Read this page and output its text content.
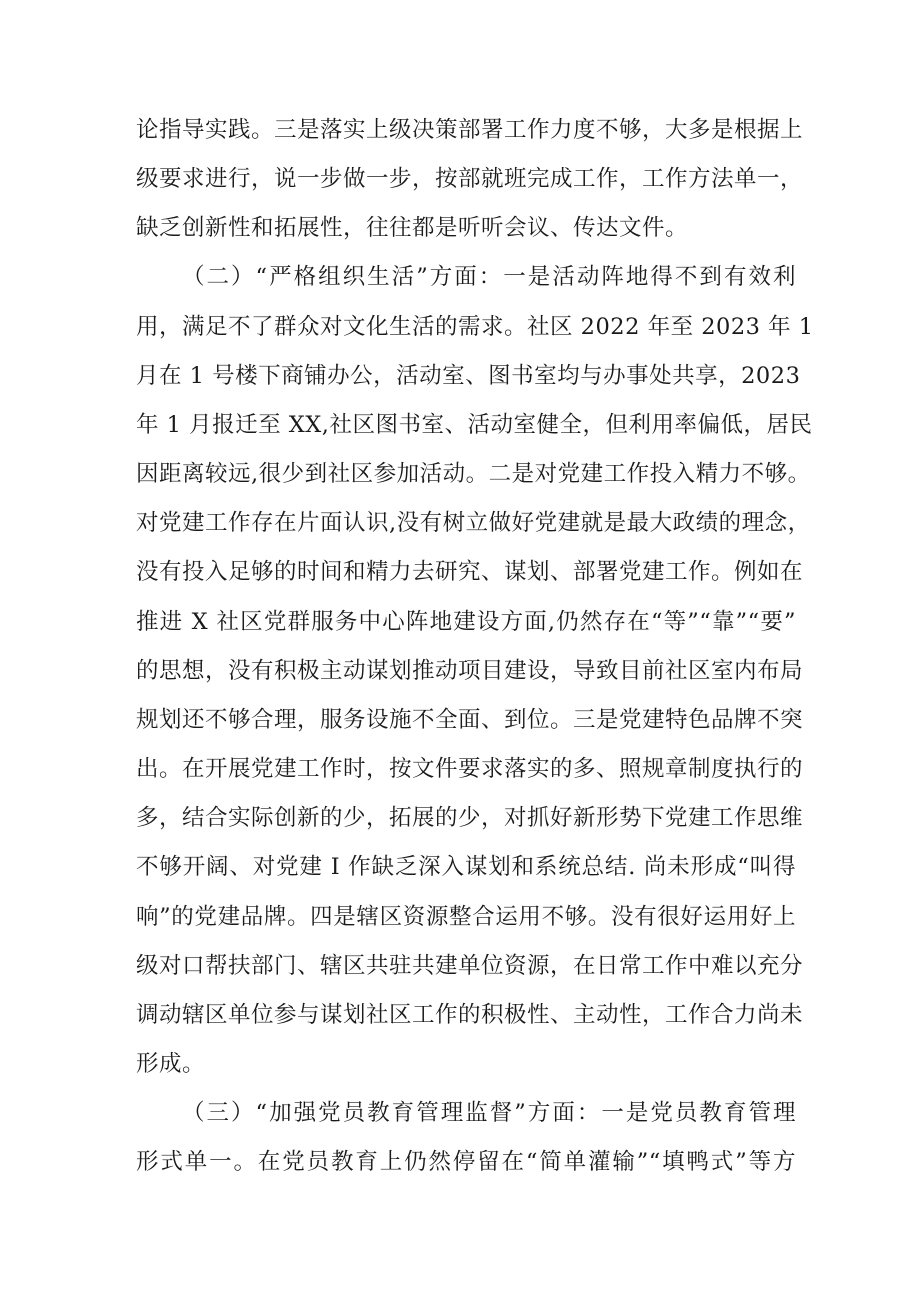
论指导实践。三是落实上级决策部署工作力度不够，大多是根据上
级要求进行，说一步做一步，按部就班完成工作，工作方法单一，
缺乏创新性和拓展性，往往都是听听会议、传达文件。
（二）“严格组织生活”方面：一是活动阵地得不到有效利
用，满足不了群众对文化生活的需求。社区 2022 年至 2023 年 1
月在 1 号楼下商铺办公，活动室、图书室均与办事处共享，2023
年 1 月报迁至 XX,社区图书室、活动室健全，但利用率偏低，居民
因距离较远,很少到社区参加活动。二是对党建工作投入精力不够。
对党建工作存在片面认识,没有树立做好党建就是最大政绩的理念，
没有投入足够的时间和精力去研究、谋划、部署党建工作。例如在
推进 X 社区党群服务中心阵地建设方面,仍然存在“等”“靠”“要”
的思想，没有积极主动谋划推动项目建设，导致目前社区室内布局
规划还不够合理，服务设施不全面、到位。三是党建特色品牌不突
出。在开展党建工作时，按文件要求落实的多、照规章制度执行的
多，结合实际创新的少，拓展的少，对抓好新形势下党建工作思维
不够开阔、对党建 I 作缺乏深入谋划和系统总结. 尚未形成“叫得
响”的党建品牌。四是辖区资源整合运用不够。没有很好运用好上
级对口帮扶部门、辖区共驻共建单位资源，在日常工作中难以充分
调动辖区单位参与谋划社区工作的积极性、主动性，工作合力尚未
形成。
（三）“加强党员教育管理监督”方面：一是党员教育管理
形式单一。在党员教育上仍然停留在“简单灌输”“填鸭式”等方
